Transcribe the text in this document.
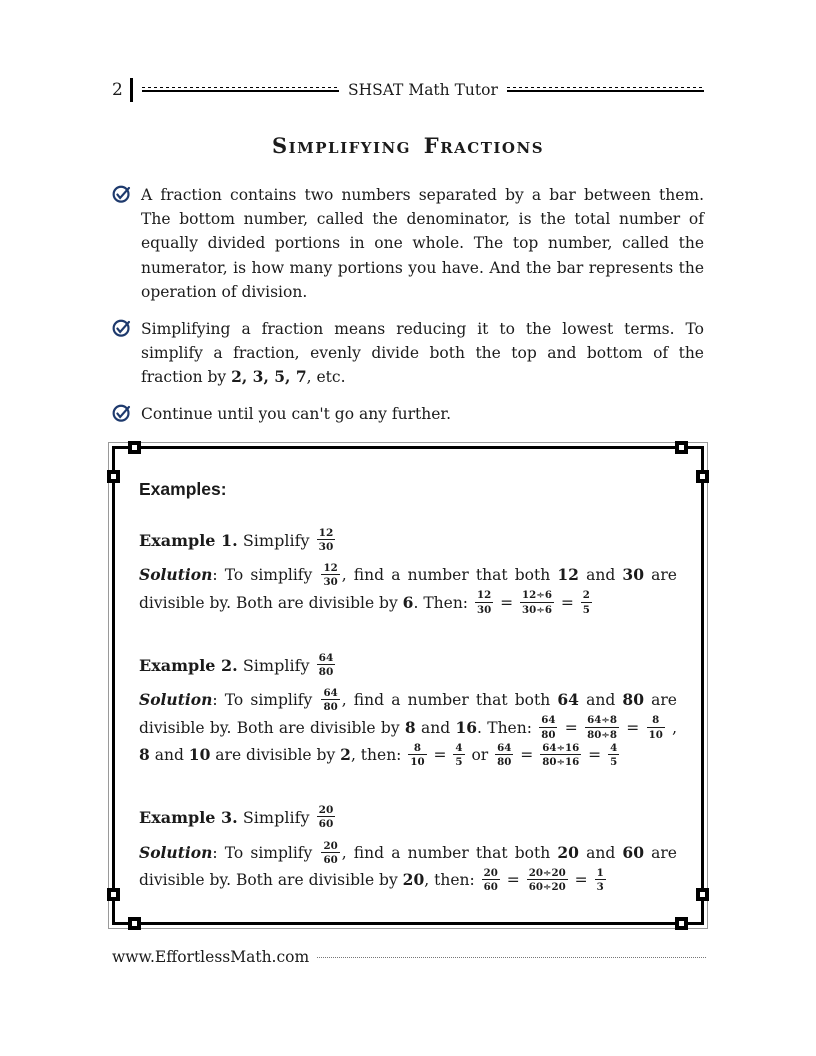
2	SHSAT Math Tutor
Simplifying Fractions
A fraction contains two numbers separated by a bar between them. The bottom number, called the denominator, is the total number of equally divided portions in one whole. The top number, called the numerator, is how many portions you have. And the bar represents the operation of division.
Simplifying a fraction means reducing it to the lowest terms. To simplify a fraction, evenly divide both the top and bottom of the fraction by 2, 3, 5, 7, etc.
Continue until you can't go any further.
Examples:
Example 1. Simplify $\frac{12}{30}$
Solution: To simplify $\frac{12}{30}$ , find a number that both 12 and 30 are divisible by. Both are divisible by 6. Then: $\frac{12}{30} = \frac{12\div 6}{30\div 6} = \frac{2}{5}$
Example 2. Simplify $\frac{64}{80}$
Solution: To simplify $\frac{64}{80}$ , find a number that both 64 and 80 are divisible by. Both are divisible by 8 and 16. Then: $\frac{64}{80} = \frac{64\div 8}{80\div 8} = \frac{8}{10}$ , 8 and 10 are divisible by 2, then: $\frac{8}{10} = \frac{4}{5}$ or $\frac{64}{80} = \frac{64\div 16}{80\div 16} = \frac{4}{5}$
Example 3. Simplify $\frac{20}{60}$
Solution: To simplify $\frac{20}{60}$ , find a number that both 20 and 60 are divisible by. Both are divisible by 20, then: $\frac{20}{60} = \frac{20\div 20}{60\div 20} = \frac{1}{3}$
www.EffortlessMath.com
